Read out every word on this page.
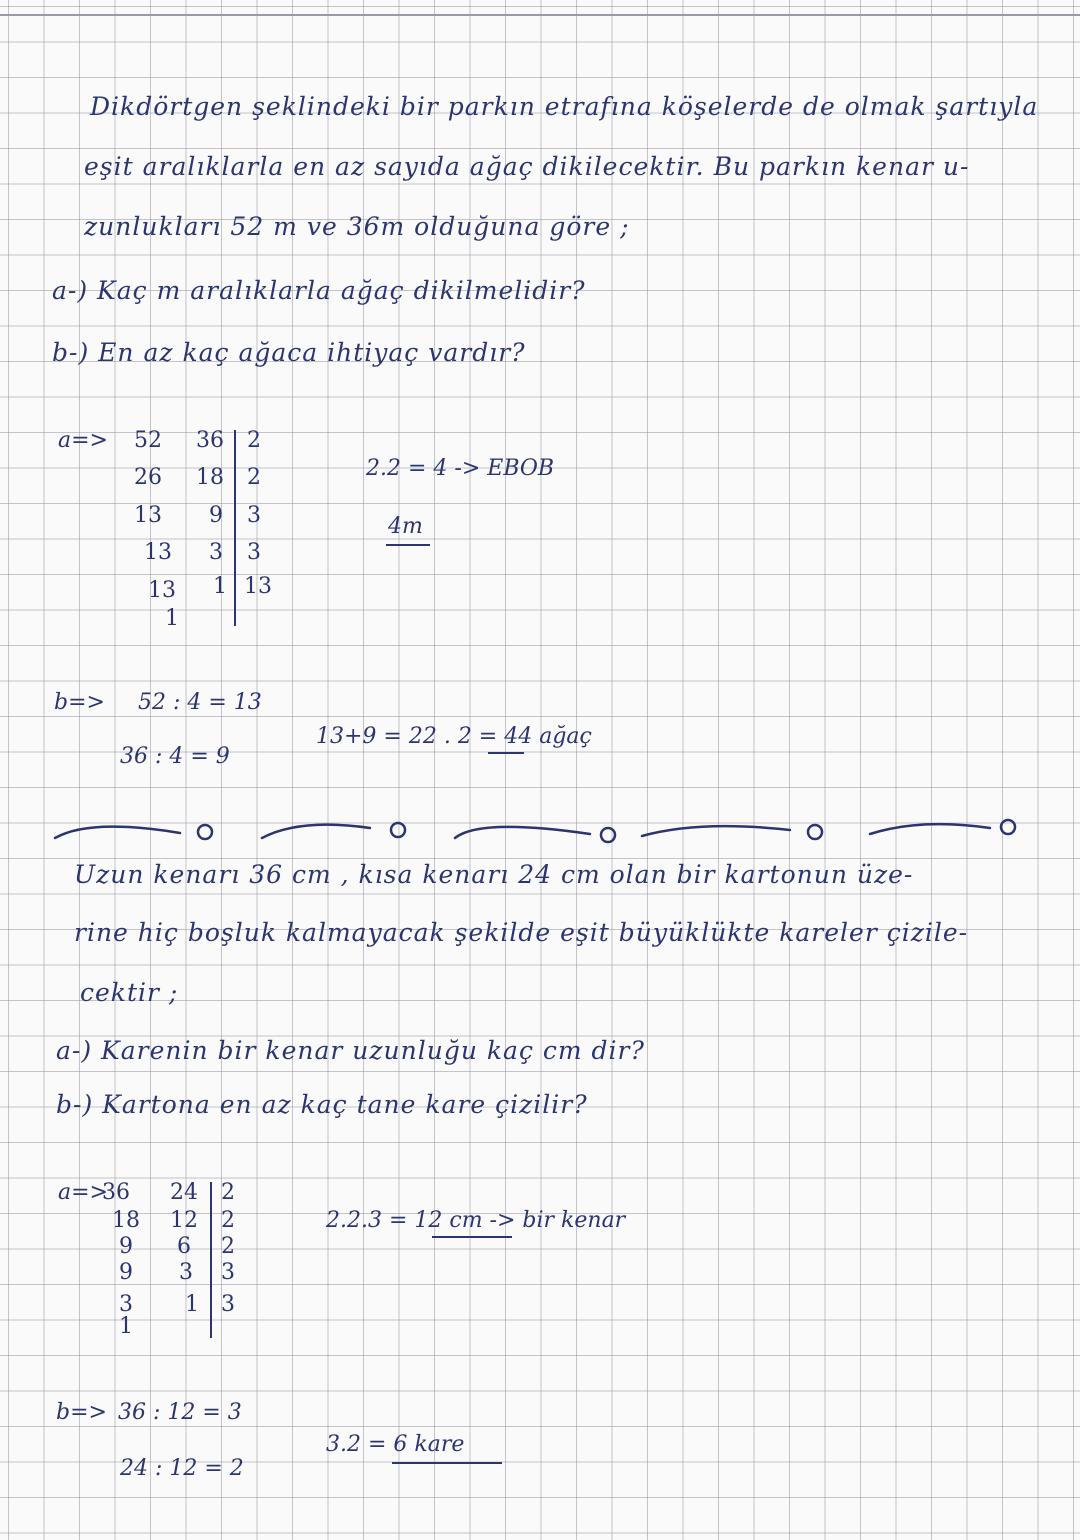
Dikdörtgen şeklindeki bir parkın etrafına köşelerde de olmak şartıyla
eşit aralıklarla en az sayıda ağaç dikilecektir. Bu parkın kenar u-
zunlukları 52 m ve 36m olduğuna göre ;
a-) Kaç m aralıklarla ağaç dikilmelidir?
b-) En az kaç ağaca ihtiyaç vardır?
a=> 52
26
13
13
13
1
36
18
9
3
1
2
2
3
3
13
2.2 = 4 -> EBOB
4m
b=> 52 : 4 = 13
36 : 4 = 9
13+9 = 22 . 2 = 44 ağaç
Uzun kenarı 36 cm , kısa kenarı 24 cm olan bir kartonun üze-
rine hiç boşluk kalmayacak şekilde eşit büyüklükte kareler çizile-
cektir ;
a-) Karenin bir kenar uzunluğu kaç cm dir?
b-) Kartona en az kaç tane kare çizilir?
a=>
36
18
9
9
3
1
24
12
6
3
1
2
2
2
3
3
2.2.3 = 12 cm -> bir kenar
b=> 36 : 12 = 3
24 : 12 = 2
3.2 = 6 kare
